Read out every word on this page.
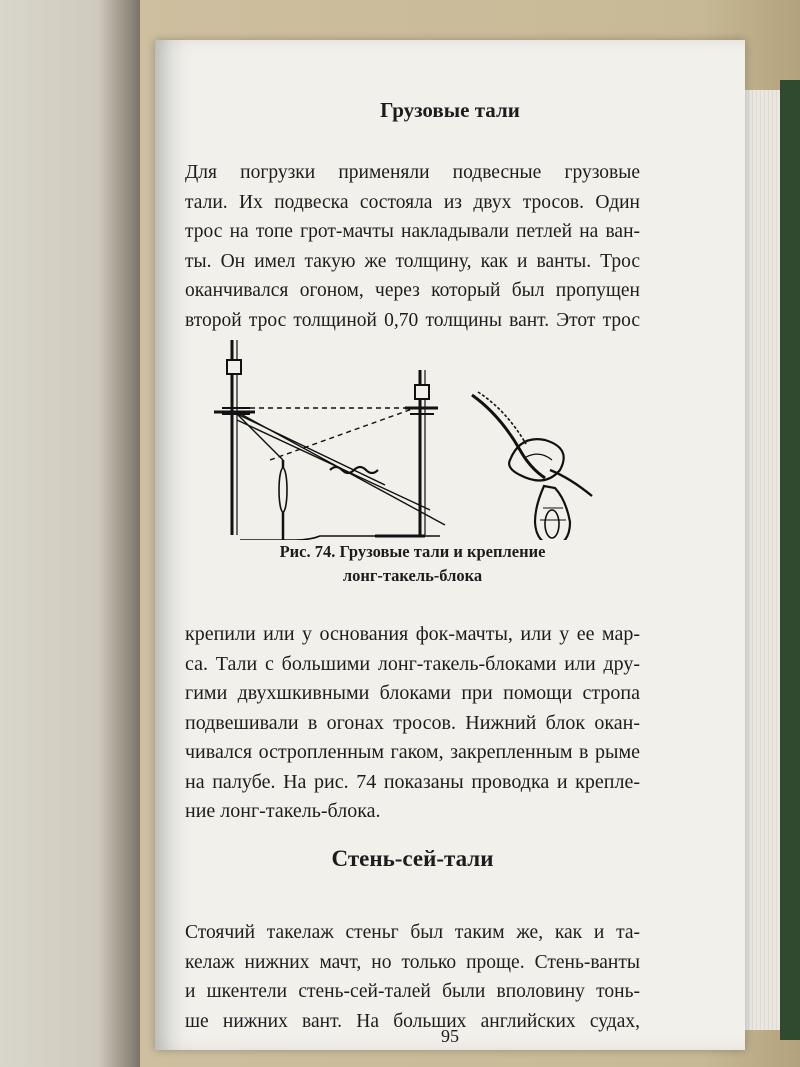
Грузовые тали
Для погрузки применяли подвесные грузовые
тали. Их подвеска состояла из двух тросов. Один
трос на топе грот-мачты накладывали петлей на ван-
ты. Он имел такую же толщину, как и ванты. Трос
оканчивался огоном, через который был пропущен
второй трос толщиной 0,70 толщины вант. Этот трос
Рис. 74. Грузовые тали и крепление
лонг-такель-блока
крепили или у основания фок-мачты, или у ее мар-
са. Тали с большими лонг-такель-блоками или дру-
гими двухшкивными блоками при помощи стропа
подвешивали в огонах тросов. Нижний блок окан-
чивался остропленным гаком, закрепленным в рыме
на палубе. На рис. 74 показаны проводка и крепле-
ние лонг-такель-блока.
Стень-сей-тали
Стоячий такелаж стеньг был таким же, как и та-
келаж нижних мачт, но только проще. Стень-ванты
и шкентели стень-сей-талей были вполовину тонь-
ше нижних вант. На больших английских судах,
95
